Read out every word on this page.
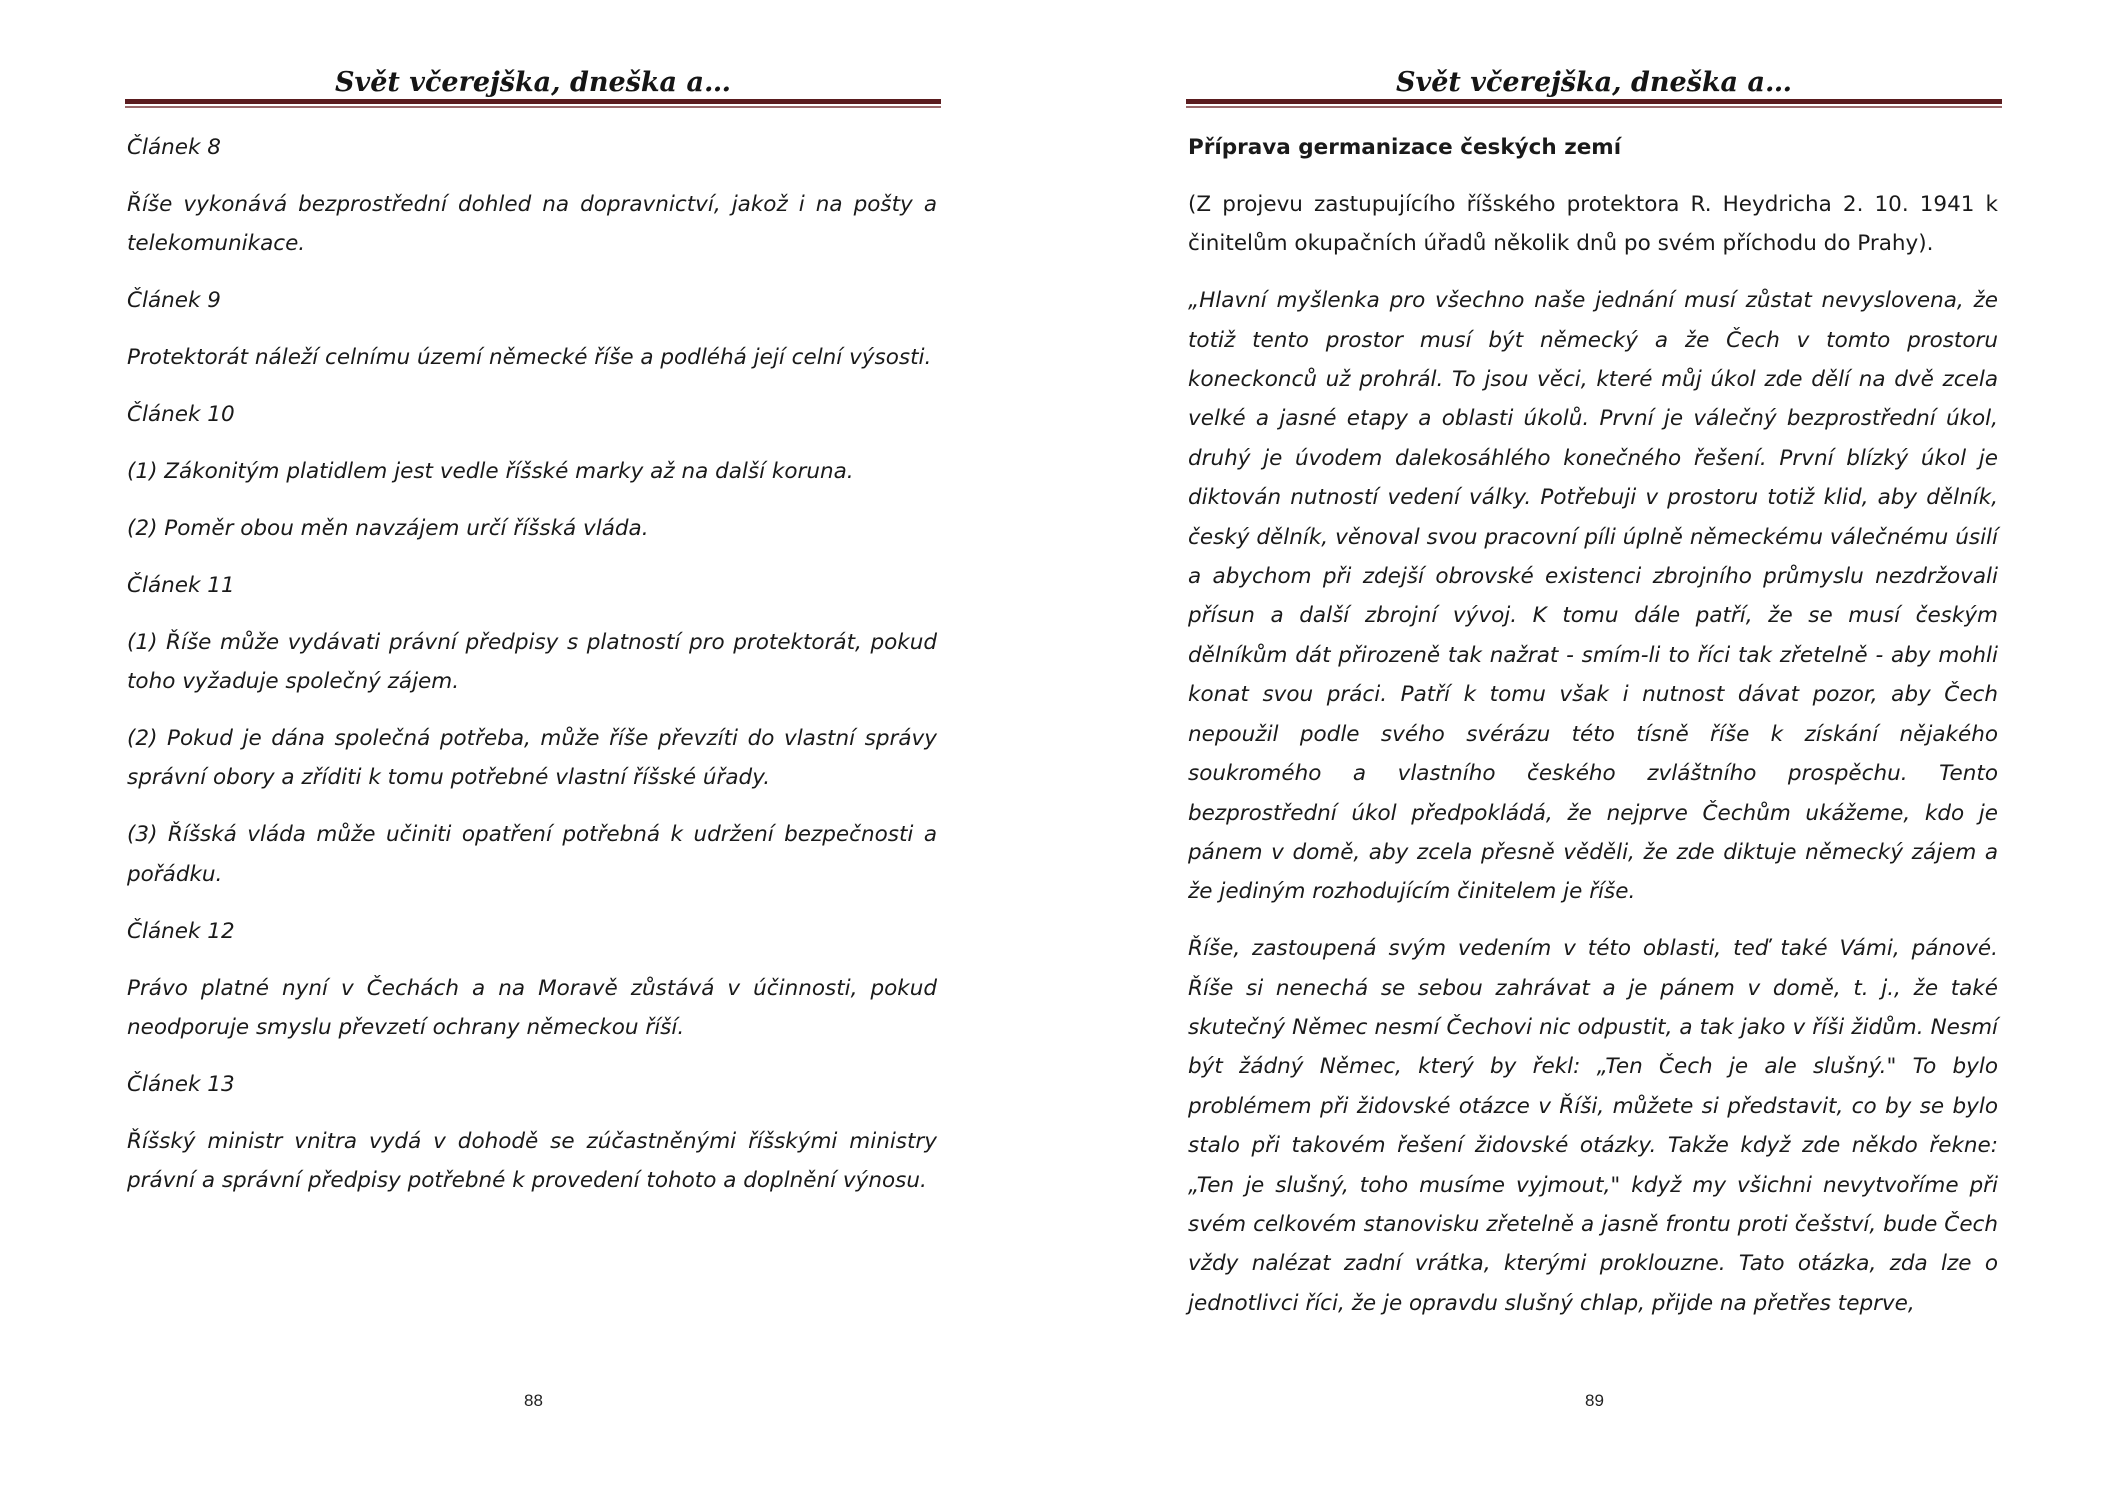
Svět včerejška, dneška a…

Článek 8

Říše vykonává bezprostřední dohled na dopravnictví, jakož i na pošty a telekomunikace.

Článek 9

Protektorát náleží celnímu území německé říše a podléhá její celní výsosti.

Článek 10

(1) Zákonitým platidlem jest vedle říšské marky až na další koruna.

(2) Poměr obou měn navzájem určí říšská vláda.

Článek 11

(1) Říše může vydávati právní předpisy s platností pro protektorát, pokud toho vyžaduje společný zájem.

(2) Pokud je dána společná potřeba, může říše převzíti do vlastní správy správní obory a zříditi k tomu potřebné vlastní říšské úřady.

(3) Říšská vláda může učiniti opatření potřebná k udržení bezpečnosti a pořádku.

Článek 12

Právo platné nyní v Čechách a na Moravě zůstává v účinnosti, pokud neodporuje smyslu převzetí ochrany německou říší.

Článek 13

Říšský ministr vnitra vydá v dohodě se zúčastněnými říšskými ministry právní a správní předpisy potřebné k provedení tohoto a doplnění výnosu.

88
Svět včerejška, dneška a…

Příprava germanizace českých zemí

(Z projevu zastupujícího říšského protektora R. Heydricha 2. 10. 1941 k činitelům okupačních úřadů několik dnů po svém příchodu do Prahy).

„Hlavní myšlenka pro všechno naše jednání musí zůstat nevyslovena, že totiž tento prostor musí být německý a že Čech v tomto prostoru koneckonců už prohrál. To jsou věci, které můj úkol zde dělí na dvě zcela velké a jasné etapy a oblasti úkolů. První je válečný bezprostřední úkol, druhý je úvodem dalekosáhlého konečného řešení. První blízký úkol je diktován nutností vedení války. Potřebuji v prostoru totiž klid, aby dělník, český dělník, věnoval svou pracovní píli úplně německému válečnému úsilí a abychom při zdejší obrovské existenci zbrojního průmyslu nezdržovali přísun a další zbrojní vývoj. K tomu dále patří, že se musí českým dělníkům dát přirozeně tak nažrat - smím-li to říci tak zřetelně - aby mohli konat svou práci. Patří k tomu však i nutnost dávat pozor, aby Čech nepoužil podle svého svérázu této tísně říše k získání nějakého soukromého a vlastního českého zvláštního prospěchu. Tento bezprostřední úkol předpokládá, že nejprve Čechům ukážeme, kdo je pánem v domě, aby zcela přesně věděli, že zde diktuje německý zájem a že jediným rozhodujícím činitelem je říše.

Říše, zastoupená svým vedením v této oblasti, teď také Vámi, pánové. Říše si nenechá se sebou zahrávat a je pánem v domě, t. j., že také skutečný Němec nesmí Čechovi nic odpustit, a tak jako v říši židům. Nesmí být žádný Němec, který by řekl: „Ten Čech je ale slušný." To bylo problémem při židovské otázce v Říši, můžete si představit, co by se bylo stalo při takovém řešení židovské otázky. Takže když zde někdo řekne: „Ten je slušný, toho musíme vyjmout," když my všichni nevytvoříme při svém celkovém stanovisku zřetelně a jasně frontu proti češství, bude Čech vždy nalézat zadní vrátka, kterými proklouzne. Tato otázka, zda lze o jednotlivci říci, že je opravdu slušný chlap, přijde na přetřes teprve,

89
